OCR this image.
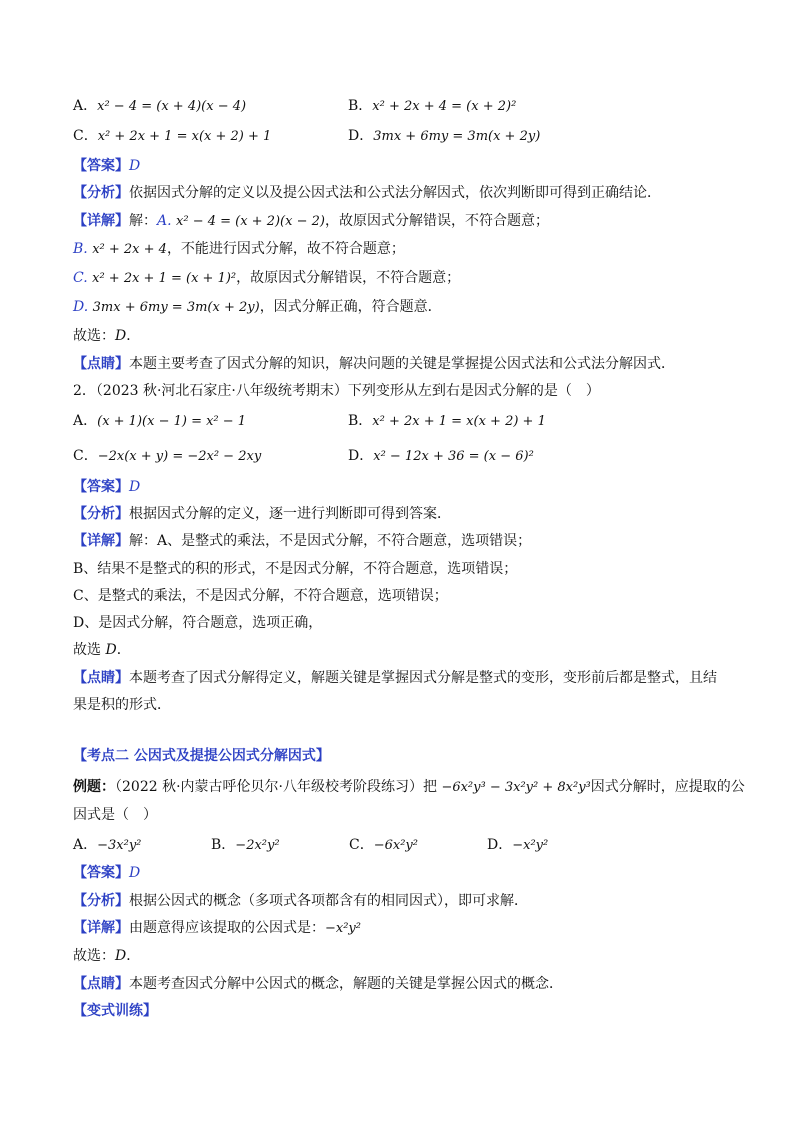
A．x² − 4 = (x + 4)(x − 4)	B．x² + 2x + 4 = (x + 2)²
C．x² + 2x + 1 = x(x + 2) + 1	D．3mx + 6my = 3m(x + 2y)
【答案】D
【分析】依据因式分解的定义以及提公因式法和公式法分解因式，依次判断即可得到正确结论．
【详解】解：A. x² − 4 = (x + 2)(x − 2)，故原因式分解错误，不符合题意；
B. x² + 2x + 4，不能进行因式分解，故不符合题意；
C. x² + 2x + 1 = (x + 1)²，故原因式分解错误，不符合题意；
D. 3mx + 6my = 3m(x + 2y)，因式分解正确，符合题意．
故选：D．
【点睛】本题主要考查了因式分解的知识，解决问题的关键是掌握提公因式法和公式法分解因式．
2．（2023 秋·河北石家庄·八年级统考期末）下列变形从左到右是因式分解的是（　）
A．(x + 1)(x − 1) = x² − 1	B．x² + 2x + 1 = x(x + 2) + 1
C．−2x(x + y) = −2x² − 2xy	D．x² − 12x + 36 = (x − 6)²
【答案】D
【分析】根据因式分解的定义，逐一进行判断即可得到答案．
【详解】解：A、是整式的乘法，不是因式分解，不符合题意，选项错误；
B、结果不是整式的积的形式，不是因式分解，不符合题意，选项错误；
C、是整式的乘法，不是因式分解，不符合题意，选项错误；
D、是因式分解，符合题意，选项正确，
故选 D．
【点睛】本题考查了因式分解得定义，解题关键是掌握因式分解是整式的变形，变形前后都是整式，且结
果是积的形式．
【考点二 公因式及提提公因式分解因式】
例题：（2022 秋·内蒙古呼伦贝尔·八年级校考阶段练习）把 −6x²y³ − 3x²y² + 8x²y³因式分解时，应提取的公
因式是（　）
A．−3x²y²	B．−2x²y²	C．−6x²y²	D．−x²y²
【答案】D
【分析】根据公因式的概念（多项式各项都含有的相同因式），即可求解．
【详解】由题意得应该提取的公因式是：−x²y²
故选：D．
【点睛】本题考查因式分解中公因式的概念，解题的关键是掌握公因式的概念．
【变式训练】
